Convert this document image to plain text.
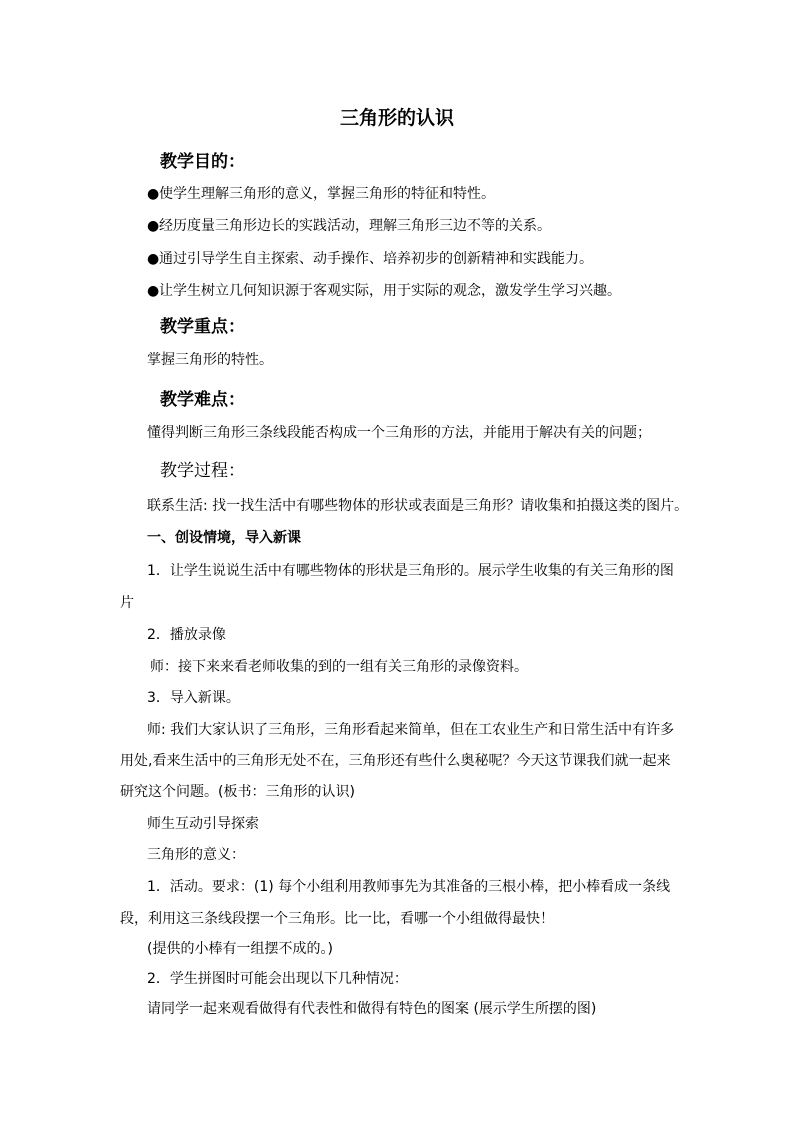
三角形的认识
教学目的：
●使学生理解三角形的意义，掌握三角形的特征和特性。
●经历度量三角形边长的实践活动，理解三角形三边不等的关系。
●通过引导学生自主探索、动手操作、培养初步的创新精神和实践能力。
●让学生树立几何知识源于客观实际，用于实际的观念，激发学生学习兴趣。
教学重点：
掌握三角形的特性。
教学难点：
懂得判断三角形三条线段能否构成一个三角形的方法，并能用于解决有关的问题；
教学过程：
联系生活: 找一找生活中有哪些物体的形状或表面是三角形？请收集和拍摄这类的图片。
一、创设情境，导入新课
1．让学生说说生活中有哪些物体的形状是三角形的。展示学生收集的有关三角形的图
片
2．播放录像
师：接下来来看老师收集的到的一组有关三角形的录像资料。
3．导入新课。
师: 我们大家认识了三角形，三角形看起来简单，但在工农业生产和日常生活中有许多
用处,看来生活中的三角形无处不在，三角形还有些什么奥秘呢？今天这节课我们就一起来
研究这个问题。(板书：三角形的认识)
师生互动引导探索
三角形的意义：
1．活动。要求：(1) 每个小组利用教师事先为其准备的三根小棒，把小棒看成一条线
段，利用这三条线段摆一个三角形。比一比，看哪一个小组做得最快！
(提供的小棒有一组摆不成的。)
2．学生拼图时可能会出现以下几种情况：
请同学一起来观看做得有代表性和做得有特色的图案 (展示学生所摆的图)
